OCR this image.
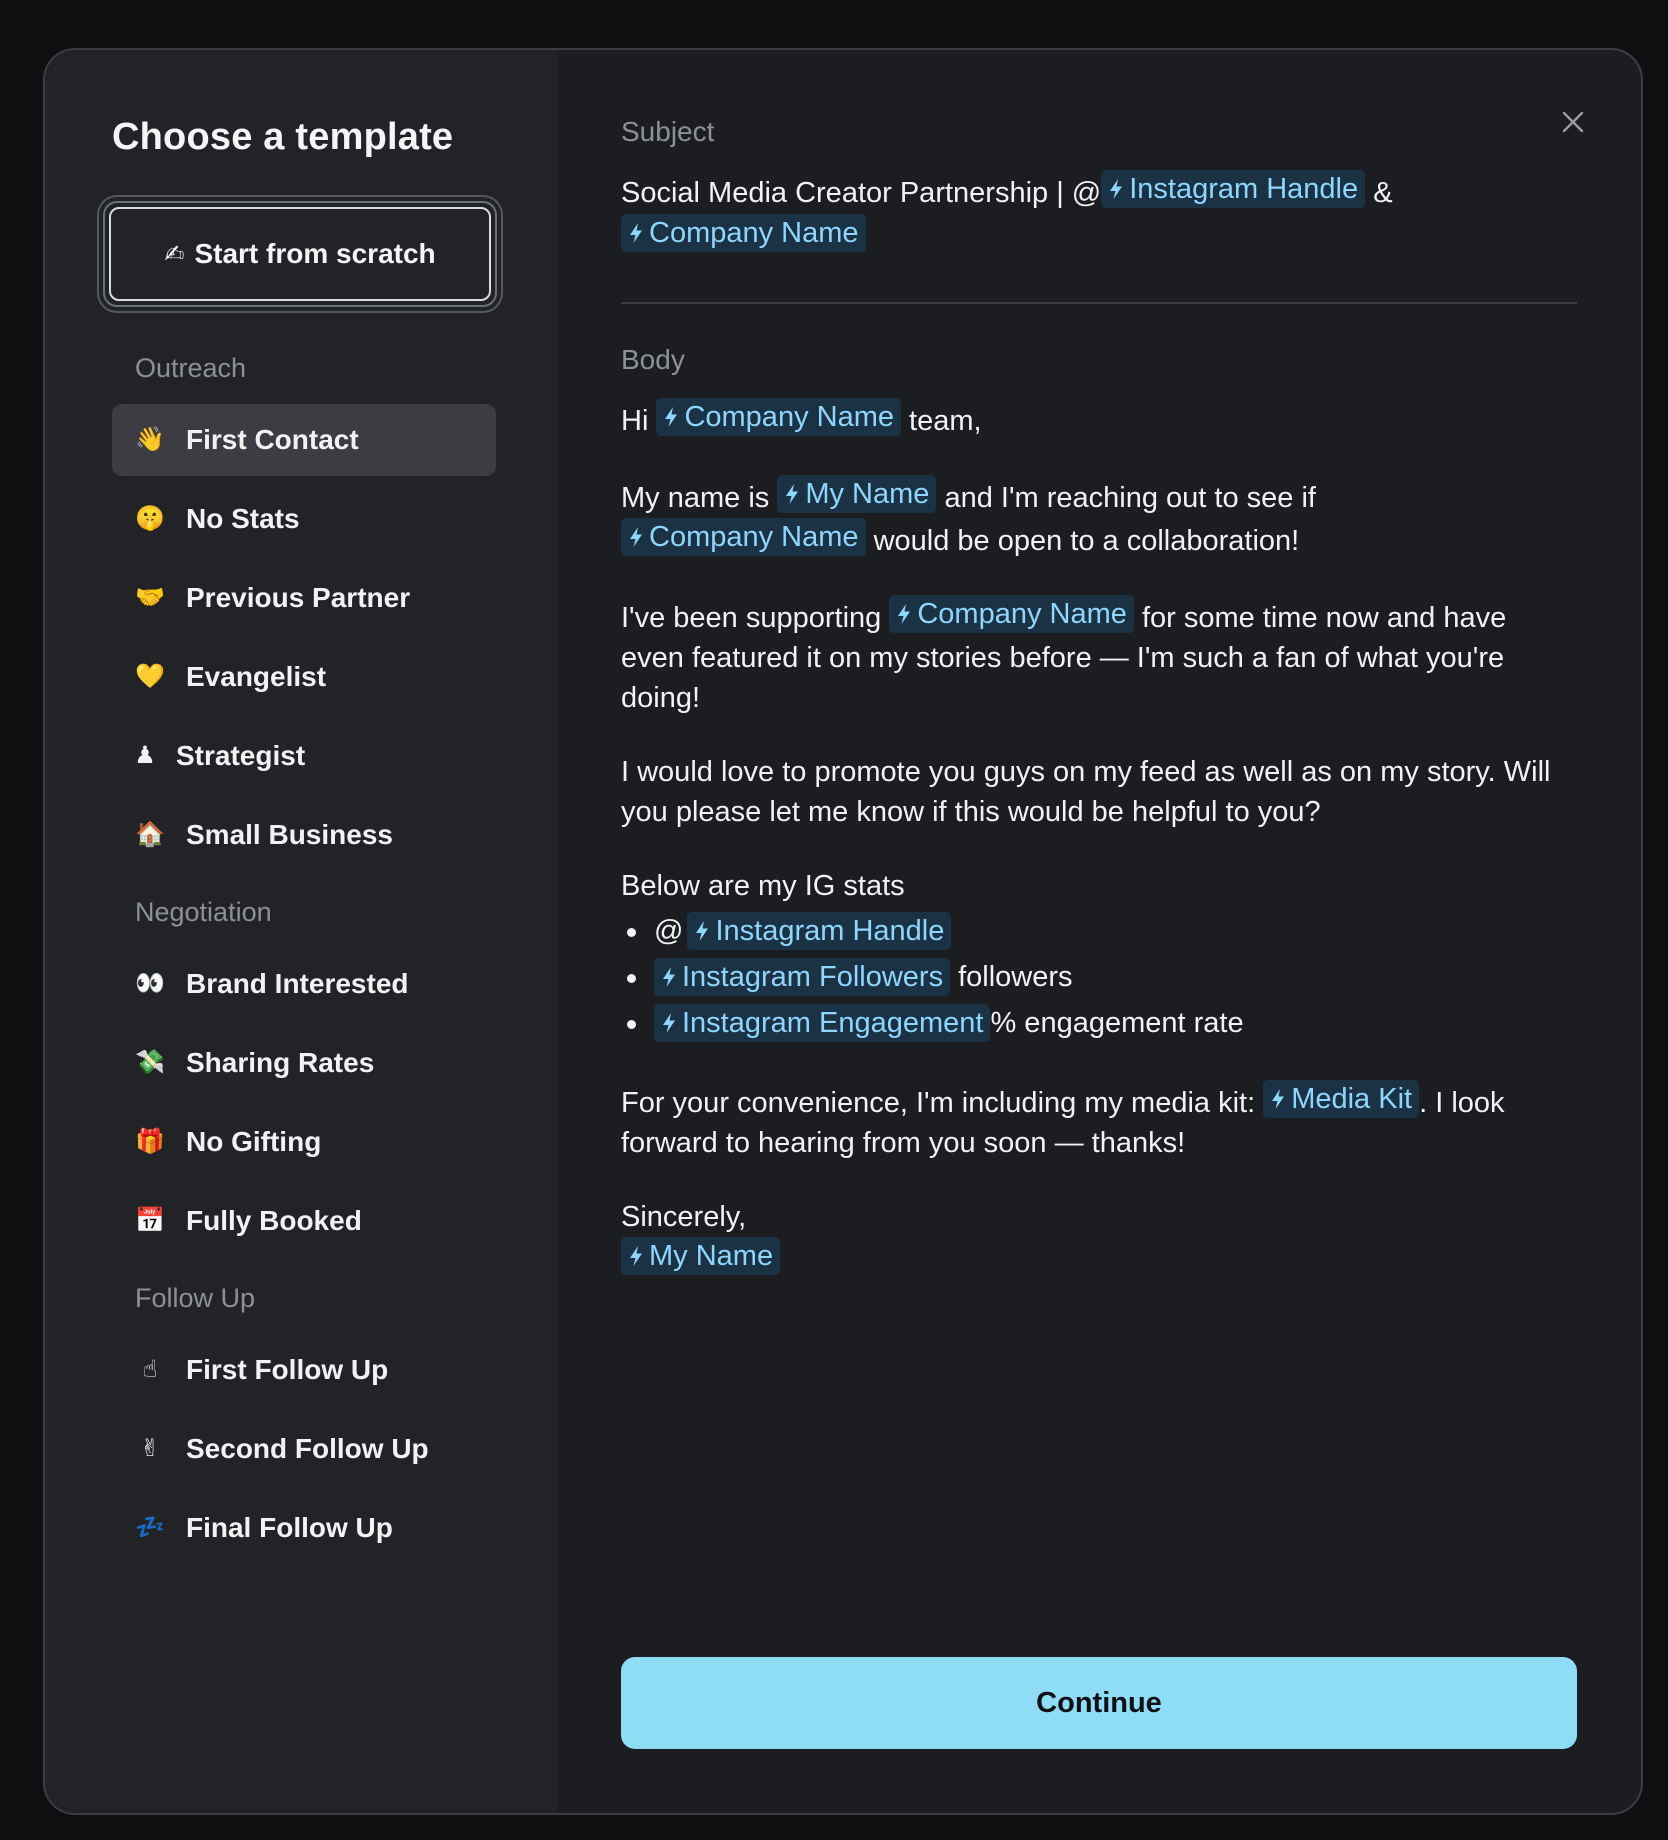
Choose a template
✍ Start from scratch
Outreach
👋 First Contact
🤫 No Stats
🤝 Previous Partner
💛 Evangelist
♟ Strategist
🏠 Small Business
Negotiation
👀 Brand Interested
💸 Sharing Rates
🎁 No Gifting
📅 Fully Booked
Follow Up
☝	First Follow Up
✌ Second Follow Up
💤 Final Follow Up
Subject
Social Media Creator Partnership | @ Instagram Handle &

Company Name
Body
Hi Company Name team,
My name is My Name and I'm reaching out to see if

Company Name would be open to a collaboration!
I've been supporting Company Name for some time now and have even featured it on my stories before — I'm such a fan of what you're doing!
I would love to promote you guys on my feed as well as on my story. Will you please let me know if this would be helpful to you?
Below are my IG stats
@ Instagram Handle
Instagram Followers followers
Instagram Engagement % engagement rate
For your convenience, I'm including my media kit: Media Kit . I look forward to hearing from you soon — thanks!
Sincerely,
My Name
Continue
